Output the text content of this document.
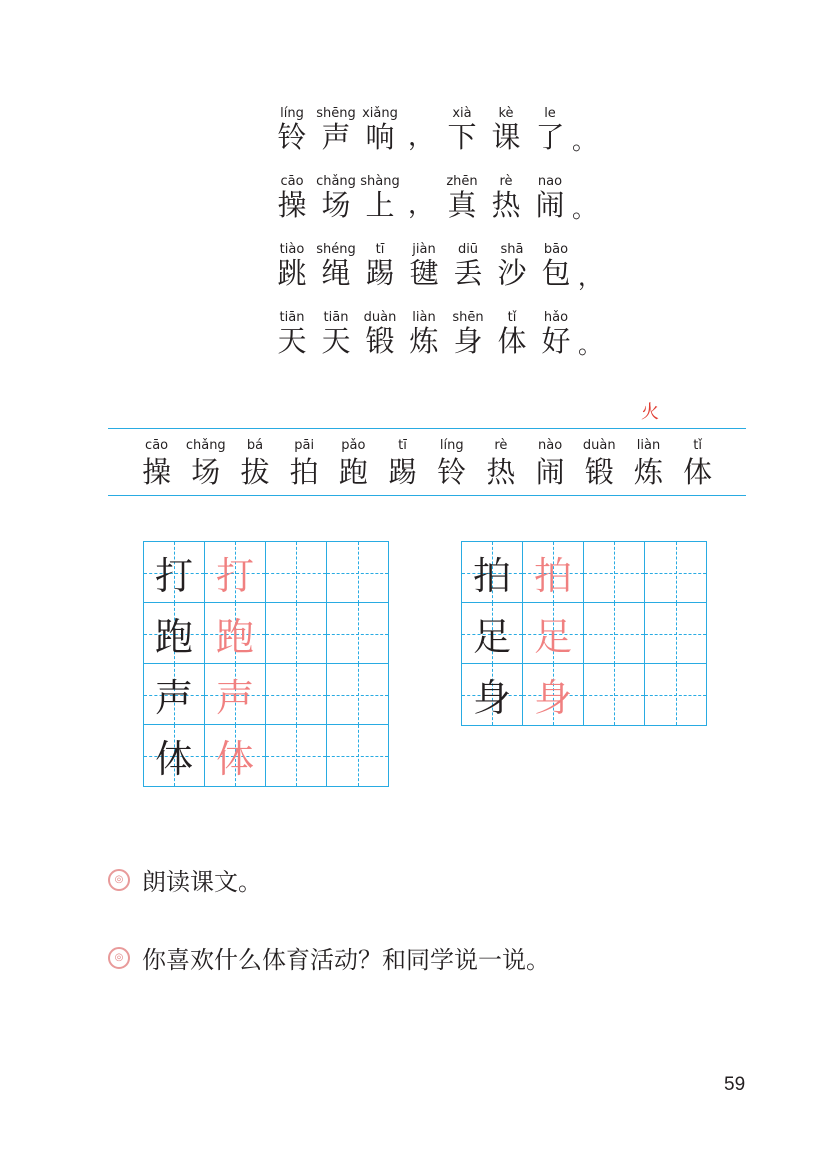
líng
铃
shēng
声
xiǎng
响 ，
xià
下
kè
课
le
了 。
cāo
操
chǎng
场
shàng
上 ，
zhēn
真
rè
热
nao
闹 。
tiào
跳
shéng
绳
tī
踢
jiàn
毽
diū
丢
shā
沙
bāo
包 ，
tiān
天
tiān
天
duàn
锻
liàn
炼
shēn
身
tǐ
体
hǎo
好 。
火
cāo
操
chǎng
场
bá
拔
pāi
拍
pǎo
跑
tī
踢
líng
铃
rè
热
nào
闹
duàn
锻
liàn
炼
tǐ
体
打 打
跑 跑
声 声
体 体
拍 拍
足 足
身 身
◎ 朗读课文。
◎ 你喜欢什么体育活动？和同学说一说。
59
